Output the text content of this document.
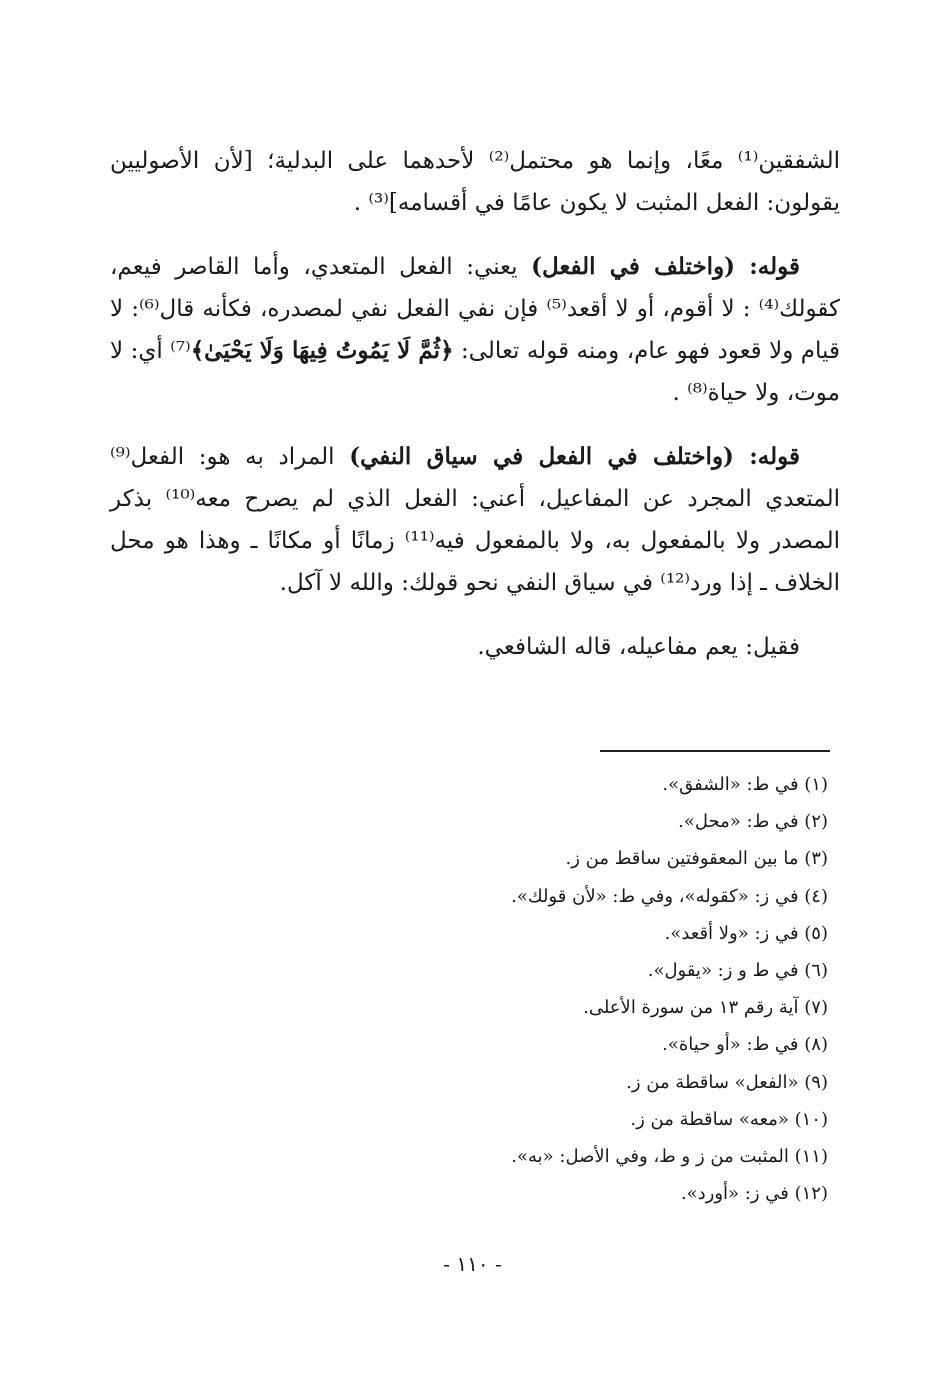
الشفقين⁽¹⁾ معًا، وإنما هو محتمل⁽²⁾ لأحدهما على البدلية؛ [لأن الأصوليين يقولون: الفعل المثبت لا يكون عامًا في أقسامه]⁽³⁾ .

قوله: (واختلف في الفعل) يعني: الفعل المتعدي، وأما القاصر فيعم، كقولك⁽⁴⁾ : لا أقوم، أو لا أقعد⁽⁵⁾ فإن نفي الفعل نفي لمصدره، فكأنه قال⁽⁶⁾: لا قيام ولا قعود فهو عام، ومنه قوله تعالى: ﴿ثُمَّ لَا يَمُوتُ فِيهَا وَلَا يَحْيَىٰ﴾⁽⁷⁾ أي: لا موت، ولا حياة⁽⁸⁾ .

قوله: (واختلف في الفعل في سياق النفي) المراد به هو: الفعل⁽⁹⁾ المتعدي المجرد عن المفاعيل، أعني: الفعل الذي لم يصرح معه⁽¹⁰⁾ بذكر المصدر ولا بالمفعول به، ولا بالمفعول فيه⁽¹¹⁾ زمانًا أو مكانًا ـ وهذا هو محل الخلاف ـ إذا ورد⁽¹²⁾ في سياق النفي نحو قولك: والله لا آكل.

فقيل: يعم مفاعيله، قاله الشافعي.

(١) في ط: «الشفق».
(٢) في ط: «محل».
(٣) ما بين المعقوفتين ساقط من ز.
(٤) في ز: «كقوله»، وفي ط: «لأن قولك».
(٥) في ز: «ولا أقعد».
(٦) في ط و ز: «يقول».
(٧) آية رقم ١٣ من سورة الأعلى.
(٨) في ط: «أو حياة».
(٩) «الفعل» ساقطة من ز.
(١٠) «معه» ساقطة من ز.
(١١) المثبت من ز و ط، وفي الأصل: «به».
(١٢) في ز: «أورد».
- ١١٠ -
